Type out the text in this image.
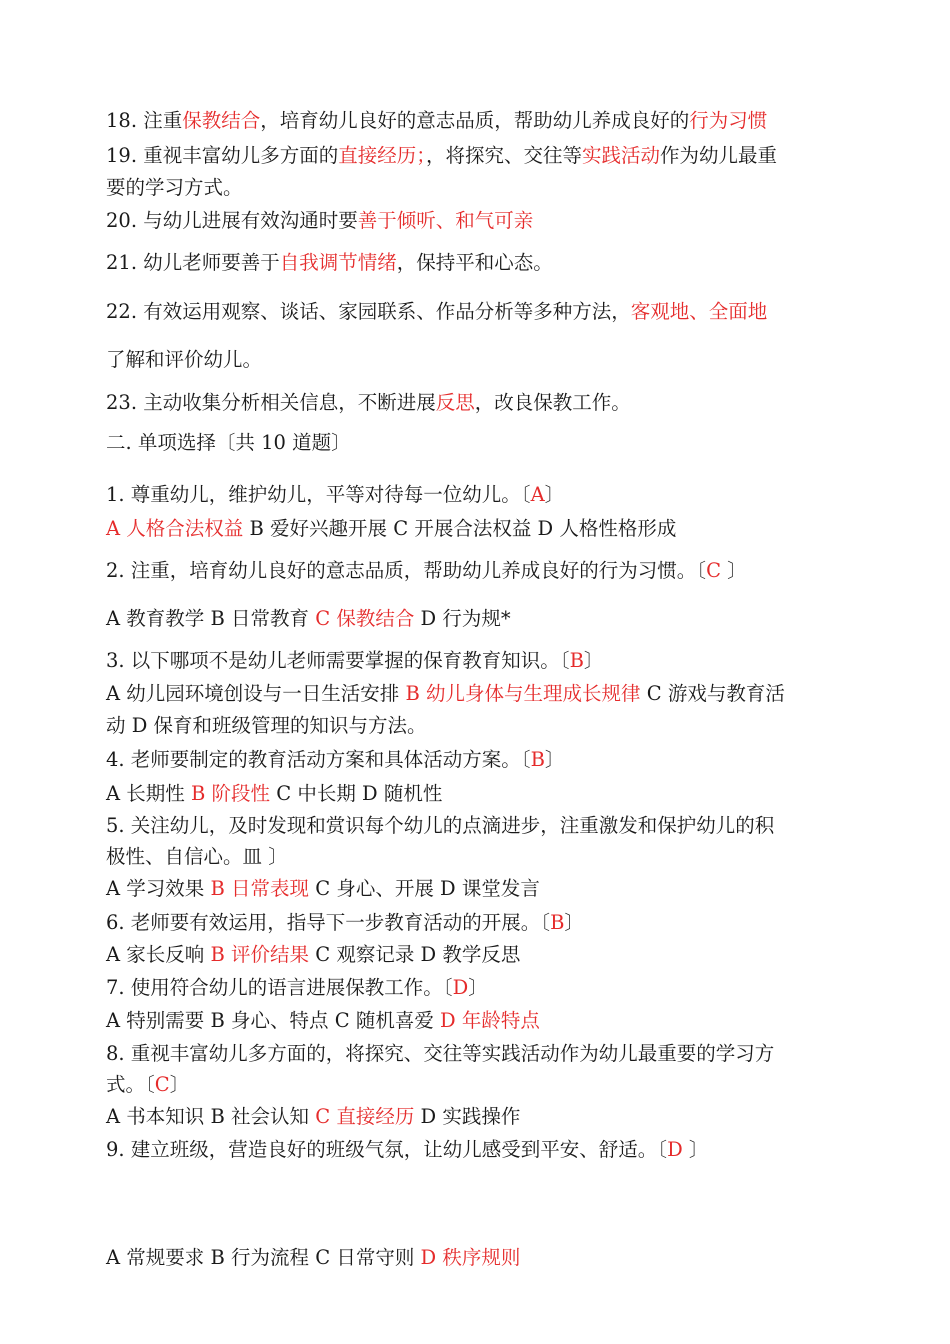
18. 注重保教结合，培育幼儿良好的意志品质，帮助幼儿养成良好的行为习惯
19. 重视丰富幼儿多方面的直接经历；，将探究、交往等实践活动作为幼儿最重
要的学习方式。
20. 与幼儿进展有效沟通时要善于倾听、和气可亲
21. 幼儿老师要善于自我调节情绪，保持平和心态。
22. 有效运用观察、谈话、家园联系、作品分析等多种方法，客观地、全面地
了解和评价幼儿。
23. 主动收集分析相关信息，不断进展反思，改良保教工作。
二. 单项选择〔共 10 道题〕
1. 尊重幼儿，维护幼儿，平等对待每一位幼儿。〔A〕
A 人格合法权益 B 爱好兴趣开展 C 开展合法权益 D 人格性格形成
2. 注重，培育幼儿良好的意志品质，帮助幼儿养成良好的行为习惯。〔C 〕
A 教育教学 B 日常教育 C 保教结合 D 行为规*
3. 以下哪项不是幼儿老师需要掌握的保育教育知识。〔B〕
A 幼儿园环境创设与一日生活安排 B 幼儿身体与生理成长规律 C 游戏与教育活
动 D 保育和班级管理的知识与方法。
4. 老师要制定的教育活动方案和具体活动方案。〔B〕
A 长期性 B 阶段性 C 中长期 D 随机性
5. 关注幼儿，及时发现和赏识每个幼儿的点滴进步，注重激发和保护幼儿的积
极性、自信心。皿 〕
A 学习效果 B 日常表现 C 身心、开展 D 课堂发言
6. 老师要有效运用，指导下一步教育活动的开展。〔B〕
A 家长反响 B 评价结果 C 观察记录 D 教学反思
7. 使用符合幼儿的语言进展保教工作。〔D〕
A 特别需要 B 身心、特点 C 随机喜爱 D 年龄特点
8. 重视丰富幼儿多方面的，将探究、交往等实践活动作为幼儿最重要的学习方
式。〔C〕
A 书本知识 B 社会认知 C 直接经历 D 实践操作
9. 建立班级，营造良好的班级气氛，让幼儿感受到平安、舒适。〔D 〕
A 常规要求 B 行为流程 C 日常守则 D 秩序规则
